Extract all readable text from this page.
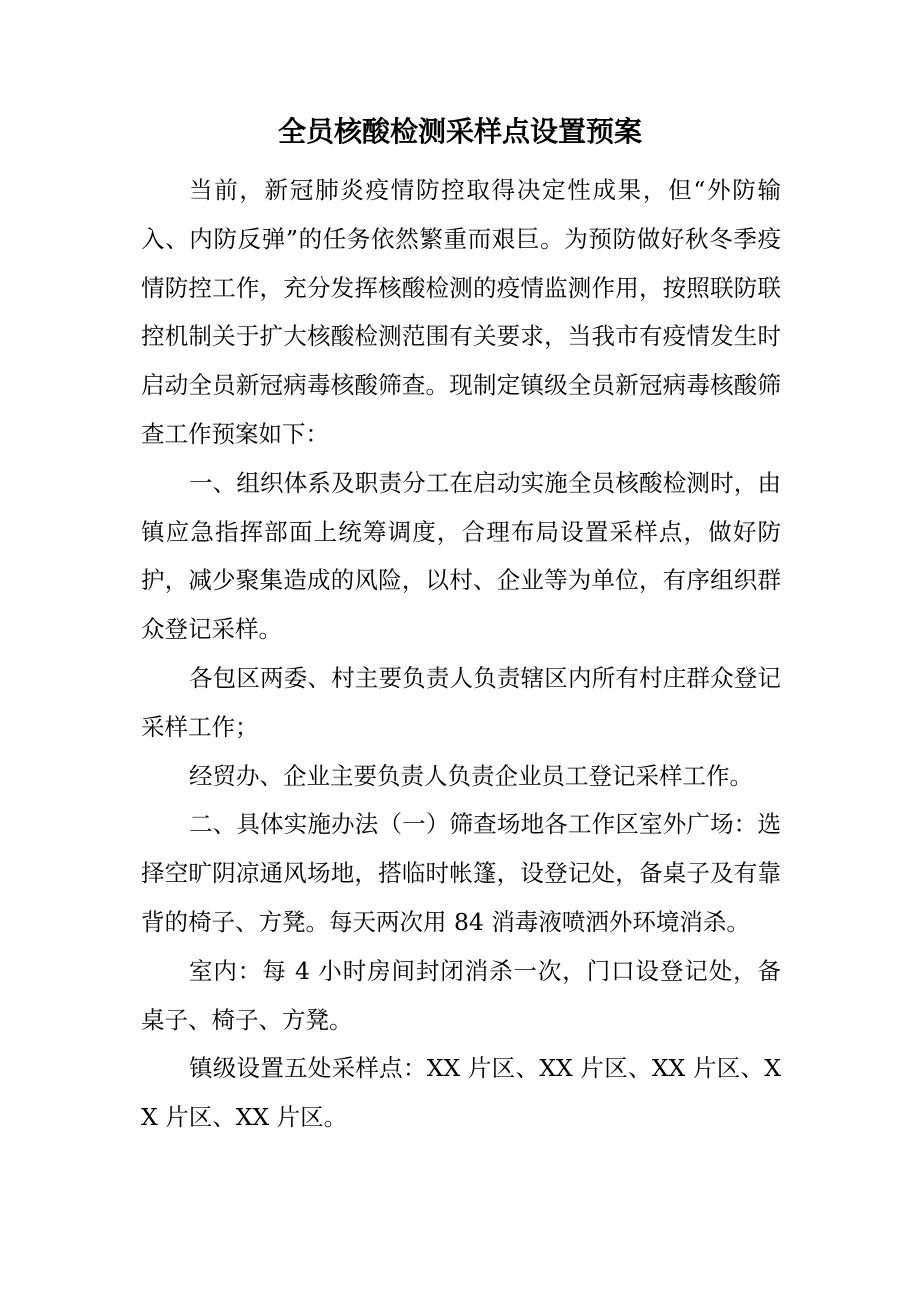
全员核酸检测采样点设置预案

当前，新冠肺炎疫情防控取得决定性成果，但“外防输入、内防反弹”的任务依然繁重而艰巨。为预防做好秋冬季疫情防控工作，充分发挥核酸检测的疫情监测作用，按照联防联控机制关于扩大核酸检测范围有关要求，当我市有疫情发生时启动全员新冠病毒核酸筛查。现制定镇级全员新冠病毒核酸筛查工作预案如下：

一、组织体系及职责分工在启动实施全员核酸检测时，由镇应急指挥部面上统筹调度，合理布局设置采样点，做好防护，减少聚集造成的风险，以村、企业等为单位，有序组织群众登记采样。

各包区两委、村主要负责人负责辖区内所有村庄群众登记采样工作；

经贸办、企业主要负责人负责企业员工登记采样工作。

二、具体实施办法（一）筛查场地各工作区室外广场：选择空旷阴凉通风场地，搭临时帐篷，设登记处，备桌子及有靠背的椅子、方凳。每天两次用 84 消毒液喷洒外环境消杀。

室内：每 4 小时房间封闭消杀一次，门口设登记处，备桌子、椅子、方凳。

镇级设置五处采样点：XX 片区、XX 片区、XX 片区、XX 片区、XX 片区。
